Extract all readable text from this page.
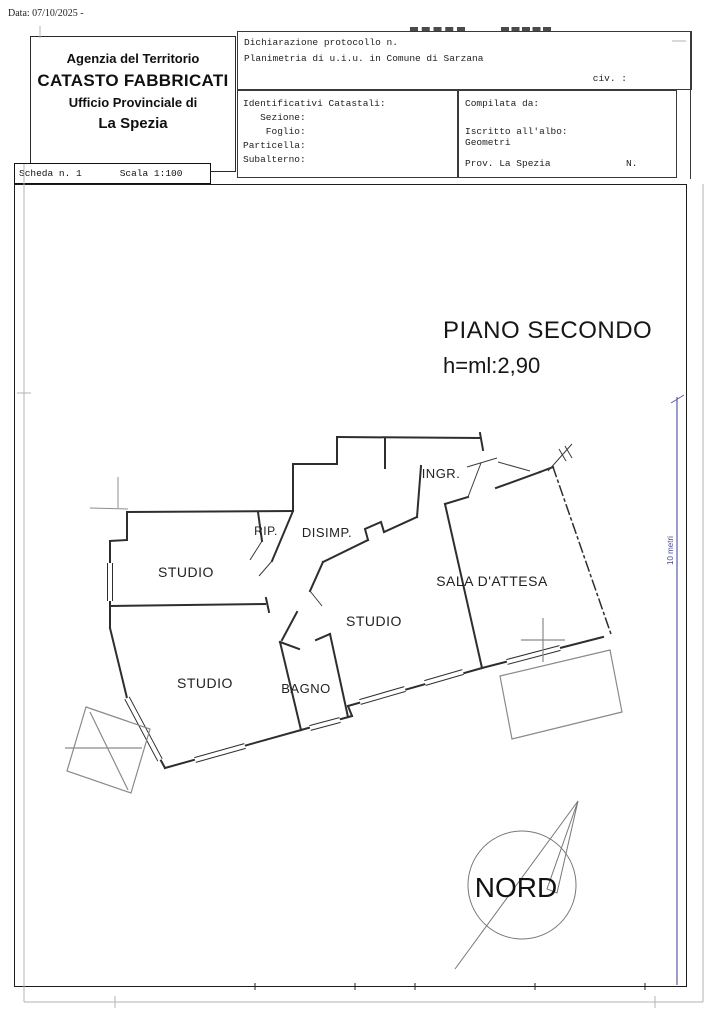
Data: 07/10/2025 -
Agenzia del Territorio
CATASTO FABBRICATI
Ufficio Provinciale di
La Spezia
Scheda n. 1	Scala 1:100
Dichiarazione protocollo n.
Planimetria di u.i.u. in Comune di Sarzana
civ. :
Identificativi Catastali:
Sezione:
Foglio:
Particella:
Subalterno:
Compilata da:
Iscritto all'albo:
Geometri
Prov. La Spezia	N.
PIANO SECONDO
h=ml:2,90
INGR.
RIP. DISIMP.
STUDIO
STUDIO
SALA D'ATTESA
STUDIO	BAGNO
NORD
10 metri
